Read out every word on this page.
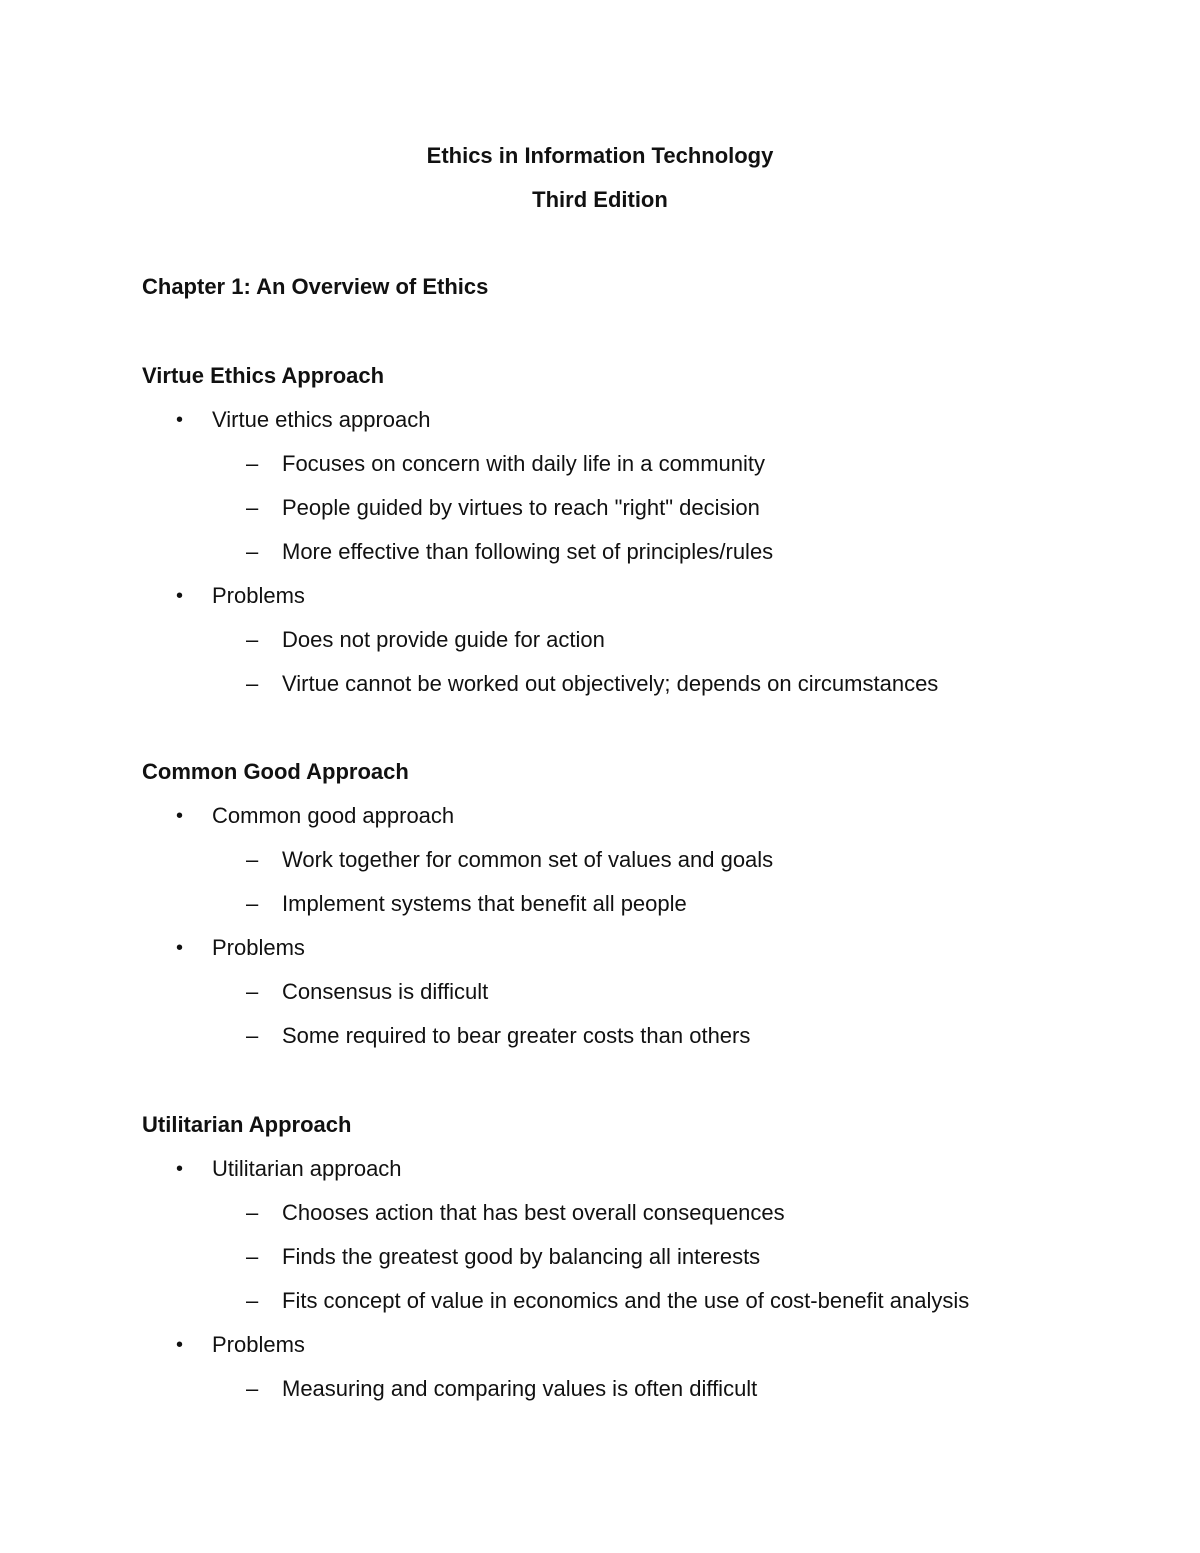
Ethics in Information Technology
Third Edition
Chapter 1: An Overview of Ethics
Virtue Ethics Approach
• Virtue ethics approach
– Focuses on concern with daily life in a community
– People guided by virtues to reach "right" decision
– More effective than following set of principles/rules
• Problems
– Does not provide guide for action
– Virtue cannot be worked out objectively; depends on circumstances
Common Good Approach
• Common good approach
– Work together for common set of values and goals
– Implement systems that benefit all people
• Problems
– Consensus is difficult
– Some required to bear greater costs than others
Utilitarian Approach
• Utilitarian approach
– Chooses action that has best overall consequences
– Finds the greatest good by balancing all interests
– Fits concept of value in economics and the use of cost-benefit analysis
• Problems
– Measuring and comparing values is often difficult
